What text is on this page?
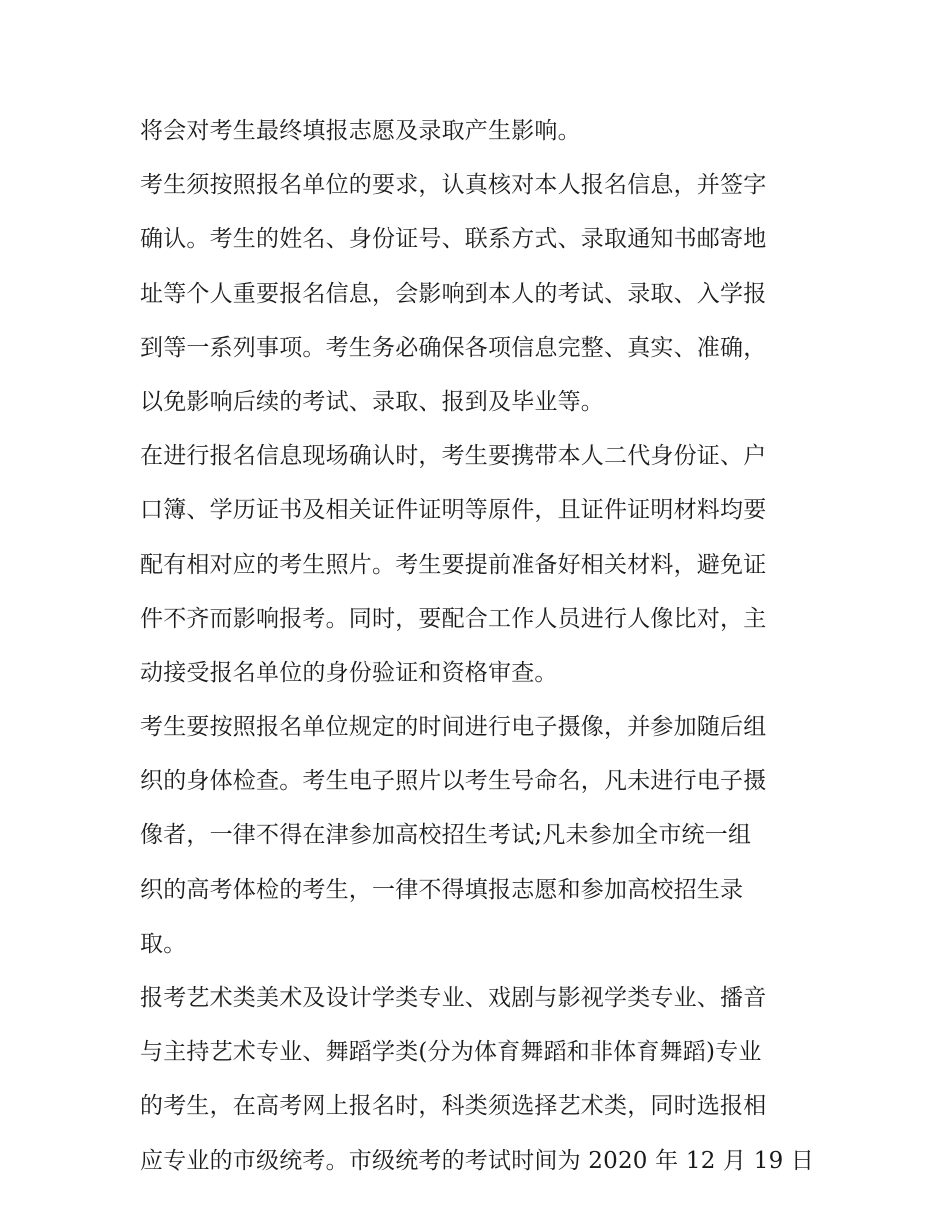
将会对考生最终填报志愿及录取产生影响。
考生须按照报名单位的要求，认真核对本人报名信息，并签字
确认。考生的姓名、身份证号、联系方式、录取通知书邮寄地
址等个人重要报名信息，会影响到本人的考试、录取、入学报
到等一系列事项。考生务必确保各项信息完整、真实、准确，
以免影响后续的考试、录取、报到及毕业等。
在进行报名信息现场确认时，考生要携带本人二代身份证、户
口簿、学历证书及相关证件证明等原件，且证件证明材料均要
配有相对应的考生照片。考生要提前准备好相关材料，避免证
件不齐而影响报考。同时，要配合工作人员进行人像比对，主
动接受报名单位的身份验证和资格审查。
考生要按照报名单位规定的时间进行电子摄像，并参加随后组
织的身体检查。考生电子照片以考生号命名，凡未进行电子摄
像者，一律不得在津参加高校招生考试;凡未参加全市统一组
织的高考体检的考生，一律不得填报志愿和参加高校招生录
取。
报考艺术类美术及设计学类专业、戏剧与影视学类专业、播音
与主持艺术专业、舞蹈学类(分为体育舞蹈和非体育舞蹈)专业
的考生，在高考网上报名时，科类须选择艺术类，同时选报相
应专业的市级统考。市级统考的考试时间为 2020 年 12 月 19 日
